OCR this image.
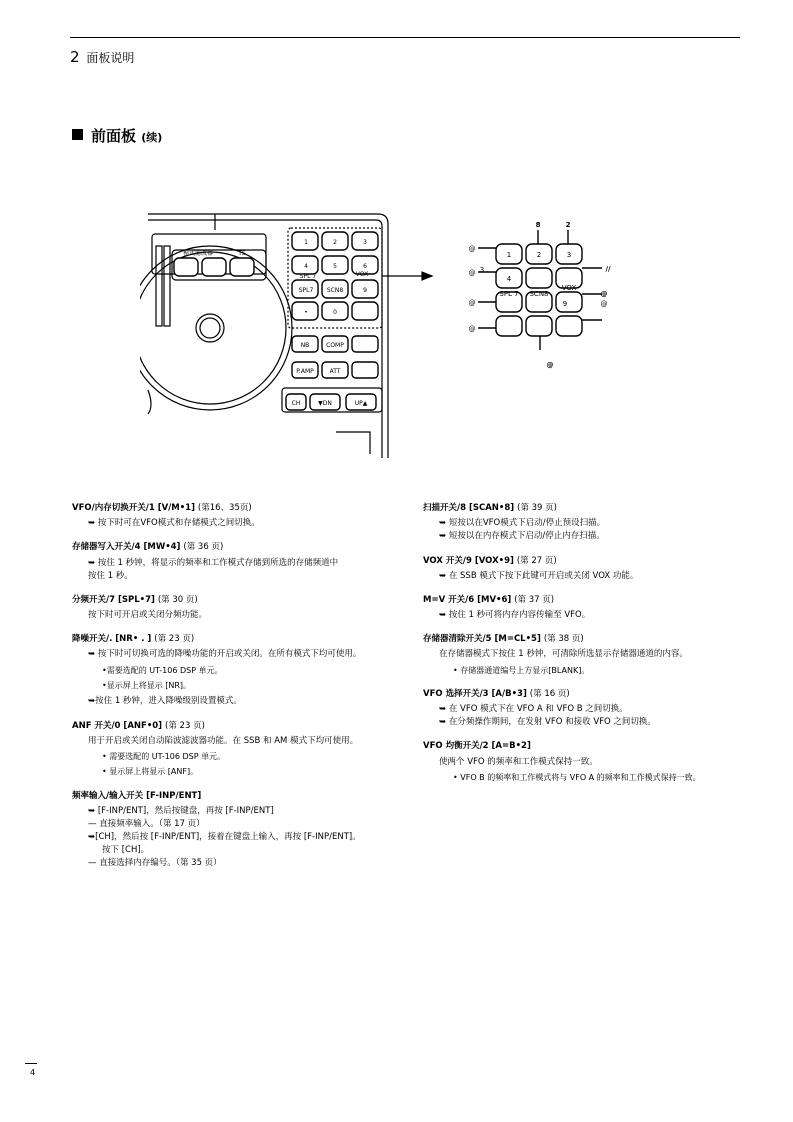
2 面板说明
前面板 (续)
模式滤波器	TS
1	2	3
4	5	6
SPL7 SCN8	9
•	0
VOX
SPL 7
NB	COMP
P.AMP	ATT
CH	▼DN	UP▲
1	2	3
4
SPL 7 SCN8
VOX
9
8	2
@
@
@
@
3	//
@
@
@
VFO/内存切换开关/1 [V/M•1] (第16、35页)
➥ 按下时可在VFO模式和存储模式之间切换。
存储器写入开关/4 [MW•4] (第 36 页)
➥ 按住 1 秒钟，将显示的频率和工作模式存储到所选的存储频道中
按住 1 秒。
分频开关/7 [SPL•7] (第 30 页)
按下时可开启或关闭分频功能。
降噪开关/. [NR• . ] (第 23 页)
➥ 按下时可切换可选的降噪功能的开启或关闭。在所有模式下均可使用。
•需要选配的 UT-106 DSP 单元。
•显示屏上将显示 [NR]。
➥按住 1 秒钟，进入降噪级别设置模式。
ANF 开关/0 [ANF•0] (第 23 页)
用于开启或关闭自动陷波滤波器功能。在 SSB 和 AM 模式下均可使用。
• 需要选配的 UT-106 DSP 单元。
• 显示屏上将显示 [ANF]。
频率输入/输入开关 [F-INP/ENT]
➥ [F-INP/ENT]，然后按键盘，再按 [F-INP/ENT]
— 直接频率输入。（第 17 页）
➥[CH]，然后按 [F-INP/ENT]，接着在键盘上输入，再按 [F-INP/ENT]。
按下 [CH]。
— 直接选择内存编号。（第 35 页）
扫描开关/8 [SCAN•8] (第 39 页)
➥ 短按以在VFO模式下启动/停止预设扫描。
➥ 短按以在内存模式下启动/停止内存扫描。
VOX 开关/9 [VOX•9] (第 27 页)
➥ 在 SSB 模式下按下此键可开启或关闭 VOX 功能。
M=V 开关/6 [MV•6] (第 37 页)
➥ 按住 1 秒可将内存内容传输至 VFO。
存储器清除开关/5 [M=CL•5] (第 38 页)
在存储器模式下按住 1 秒钟，可清除所选显示存储器通道的内容。
• 存储器通道编号上方显示[BLANK]。
VFO 选择开关/3 [A/B•3] (第 16 页)
➥ 在 VFO 模式下在 VFO A 和 VFO B 之间切换。
➥ 在分频操作期间，在发射 VFO 和接收 VFO 之间切换。
VFO 均衡开关/2 [A=B•2]
使两个 VFO 的频率和工作模式保持一致。
• VFO B 的频率和工作模式将与 VFO A 的频率和工作模式保持一致。
4
